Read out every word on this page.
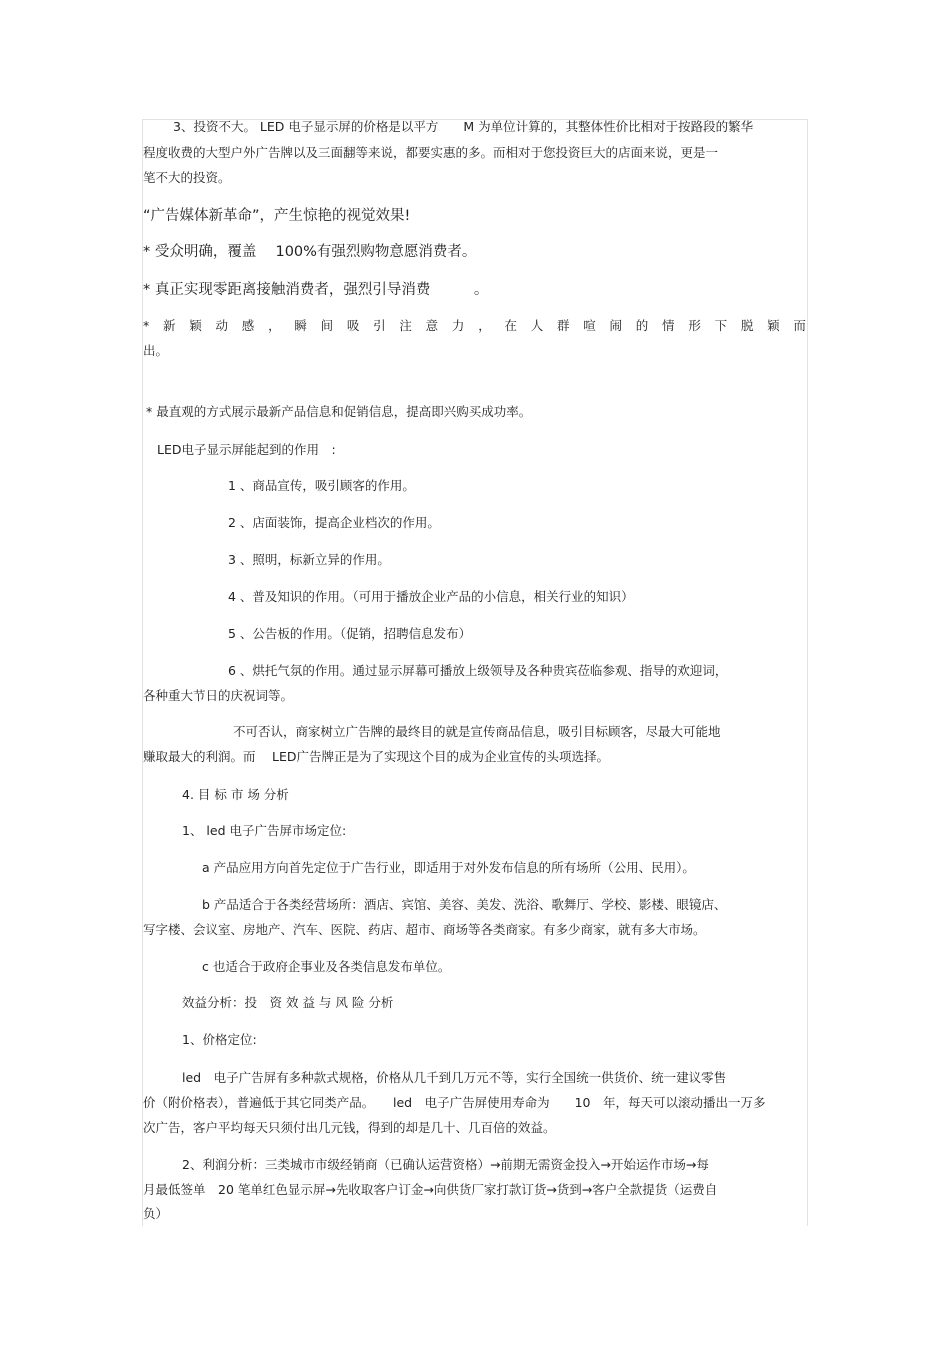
3、投资不大。 LED 电子显示屏的价格是以平方　　M 为单位计算的，其整体性价比相对于按路段的繁华
程度收费的大型户外广告牌以及三面翻等来说，都要实惠的多。而相对于您投资巨大的店面来说，更是一
笔不大的投资。
“广告媒体新革命”，产生惊艳的视觉效果!
* 受众明确，覆盖　 100%有强烈购物意愿消费者。
* 真正实现零距离接触消费者，强烈引导消费　　　。
* 新 颖 动 感 ， 瞬 间 吸 引 注 意 力 ， 在 人 群 喧 闹 的 情 形 下 脱 颖 而
出。
* 最直观的方式展示最新产品信息和促销信息，提高即兴购买成功率。
LED电子显示屏能起到的作用　:
1 、商品宣传，吸引顾客的作用。
2 、店面装饰，提高企业档次的作用。
3 、照明，标新立异的作用。
4 、普及知识的作用。（可用于播放企业产品的小信息，相关行业的知识）
5 、公告板的作用。（促销，招聘信息发布）
6 、烘托气氛的作用。通过显示屏幕可播放上级领导及各种贵宾莅临参观、指导的欢迎词，
各种重大节日的庆祝词等。
不可否认，商家树立广告牌的最终目的就是宣传商品信息，吸引目标顾客，尽最大可能地
赚取最大的利润。而　 LED广告牌正是为了实现这个目的成为企业宣传的头项选择。
4. 目 标 市 场 分析
1、 led 电子广告屏市场定位:
a 产品应用方向首先定位于广告行业，即适用于对外发布信息的所有场所（公用、民用）。
b 产品适合于各类经营场所：酒店、宾馆、美容、美发、洗浴、歌舞厅、学校、影楼、眼镜店、
写字楼、会议室、房地产、汽车、医院、药店、超市、商场等各类商家。有多少商家，就有多大市场。
c 也适合于政府企事业及各类信息发布单位。
效益分析：投　资 效 益 与 风 险 分析
1、价格定位:
led　电子广告屏有多种款式规格，价格从几千到几万元不等，实行全国统一供货价、统一建议零售
价（附价格表），普遍低于其它同类产品。　　led　电子广告屏使用寿命为　　10　年，每天可以滚动播出一万多
次广告，客户平均每天只须付出几元钱，得到的却是几十、几百倍的效益。
2、利润分析：三类城市市级经销商（已确认运营资格）→前期无需资金投入→开始运作市场→每
月最低签单　20 笔单红色显示屏→先收取客户订金→向供货厂家打款订货→货到→客户全款提货（运费自
负）
